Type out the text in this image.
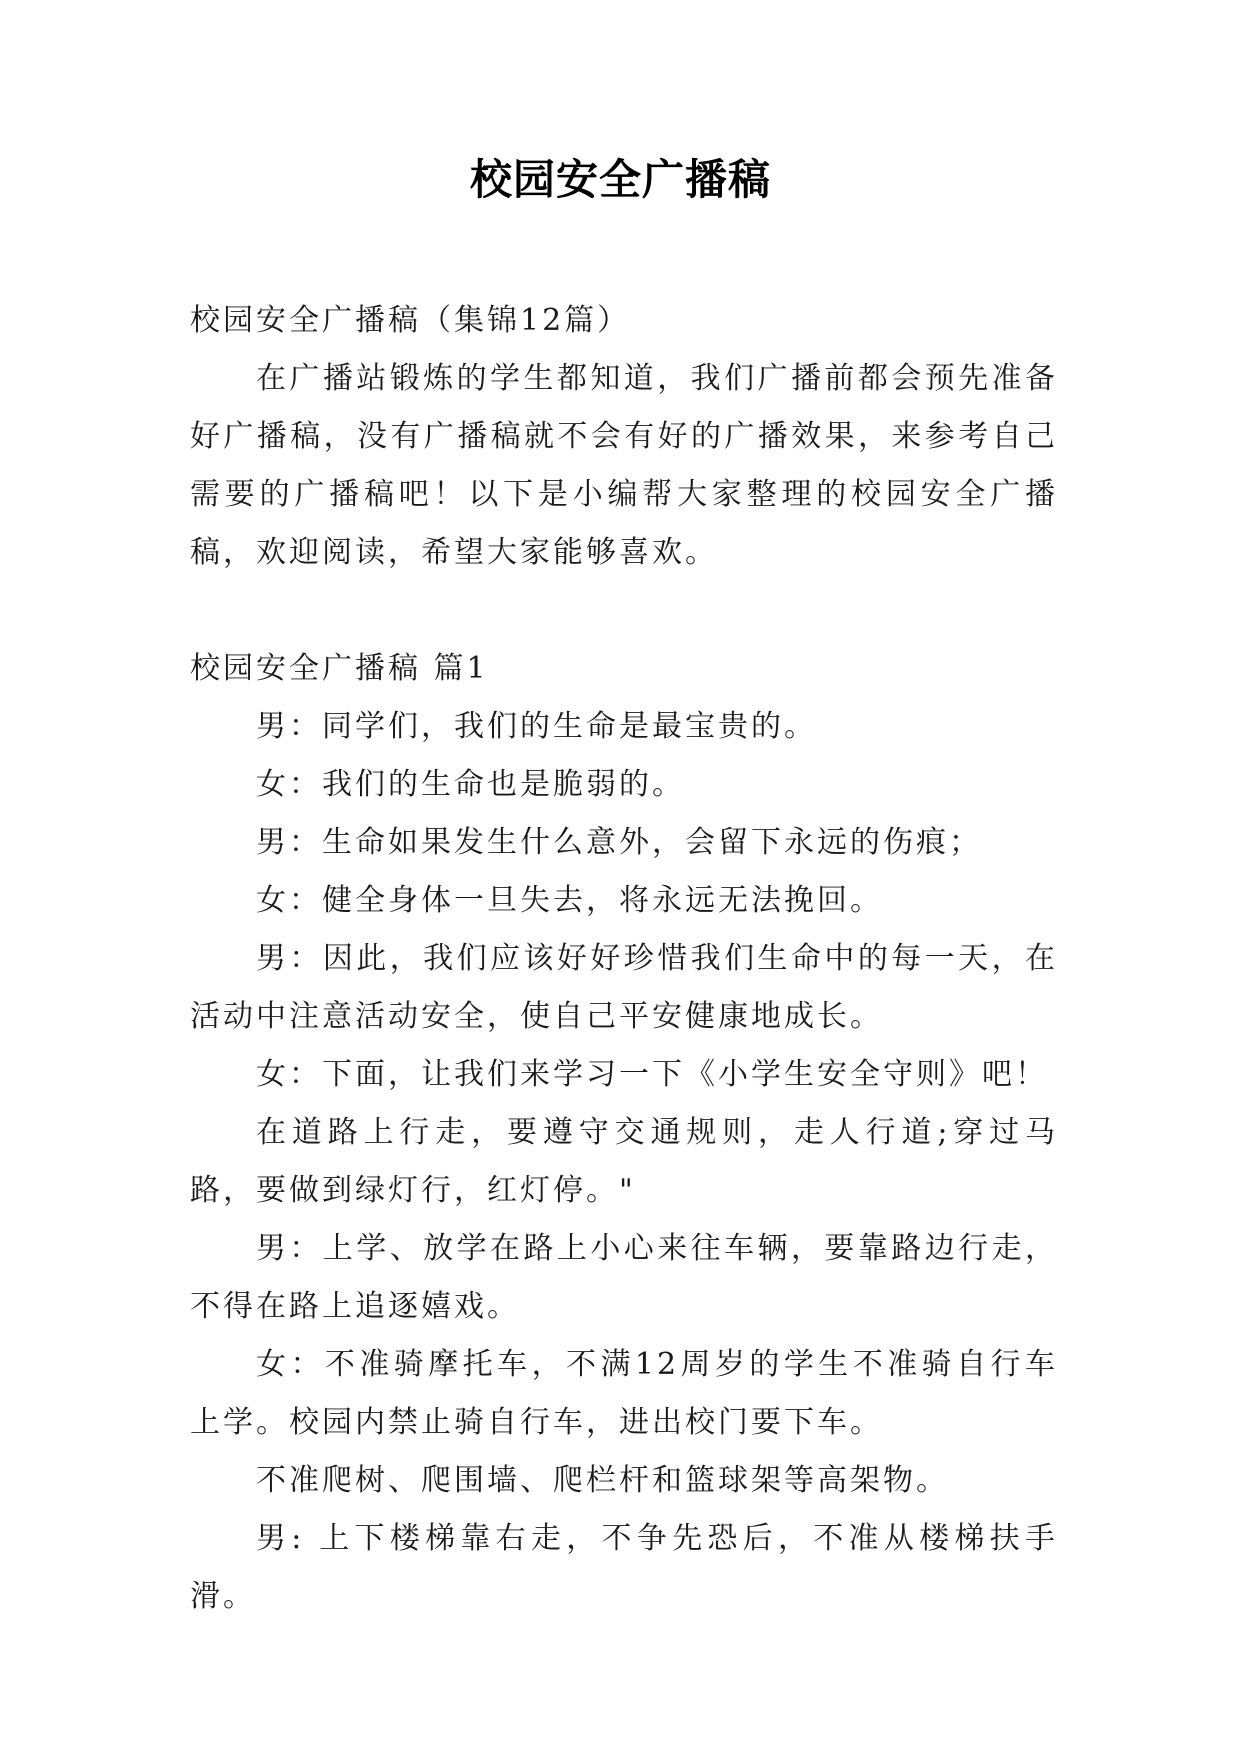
校园安全广播稿

校园安全广播稿（集锦12篇）

在广播站锻炼的学生都知道，我们广播前都会预先准备好广播稿，没有广播稿就不会有好的广播效果，来参考自己需要的广播稿吧！以下是小编帮大家整理的校园安全广播稿，欢迎阅读，希望大家能够喜欢。

校园安全广播稿 篇1

男：同学们，我们的生命是最宝贵的。

女：我们的生命也是脆弱的。

男：生命如果发生什么意外，会留下永远的伤痕；

女：健全身体一旦失去，将永远无法挽回。

男：因此，我们应该好好珍惜我们生命中的每一天，在活动中注意活动安全，使自己平安健康地成长。

女：下面，让我们来学习一下《小学生安全守则》吧！

在道路上行走，要遵守交通规则，走人行道;穿过马路，要做到绿灯行，红灯停。"

男：上学、放学在路上小心来往车辆，要靠路边行走，不得在路上追逐嬉戏。

女：不准骑摩托车，不满12周岁的学生不准骑自行车上学。校园内禁止骑自行车，进出校门要下车。

不准爬树、爬围墙、爬栏杆和篮球架等高架物。

男: 上下楼梯靠右走，不争先恐后，不准从楼梯扶手滑。
